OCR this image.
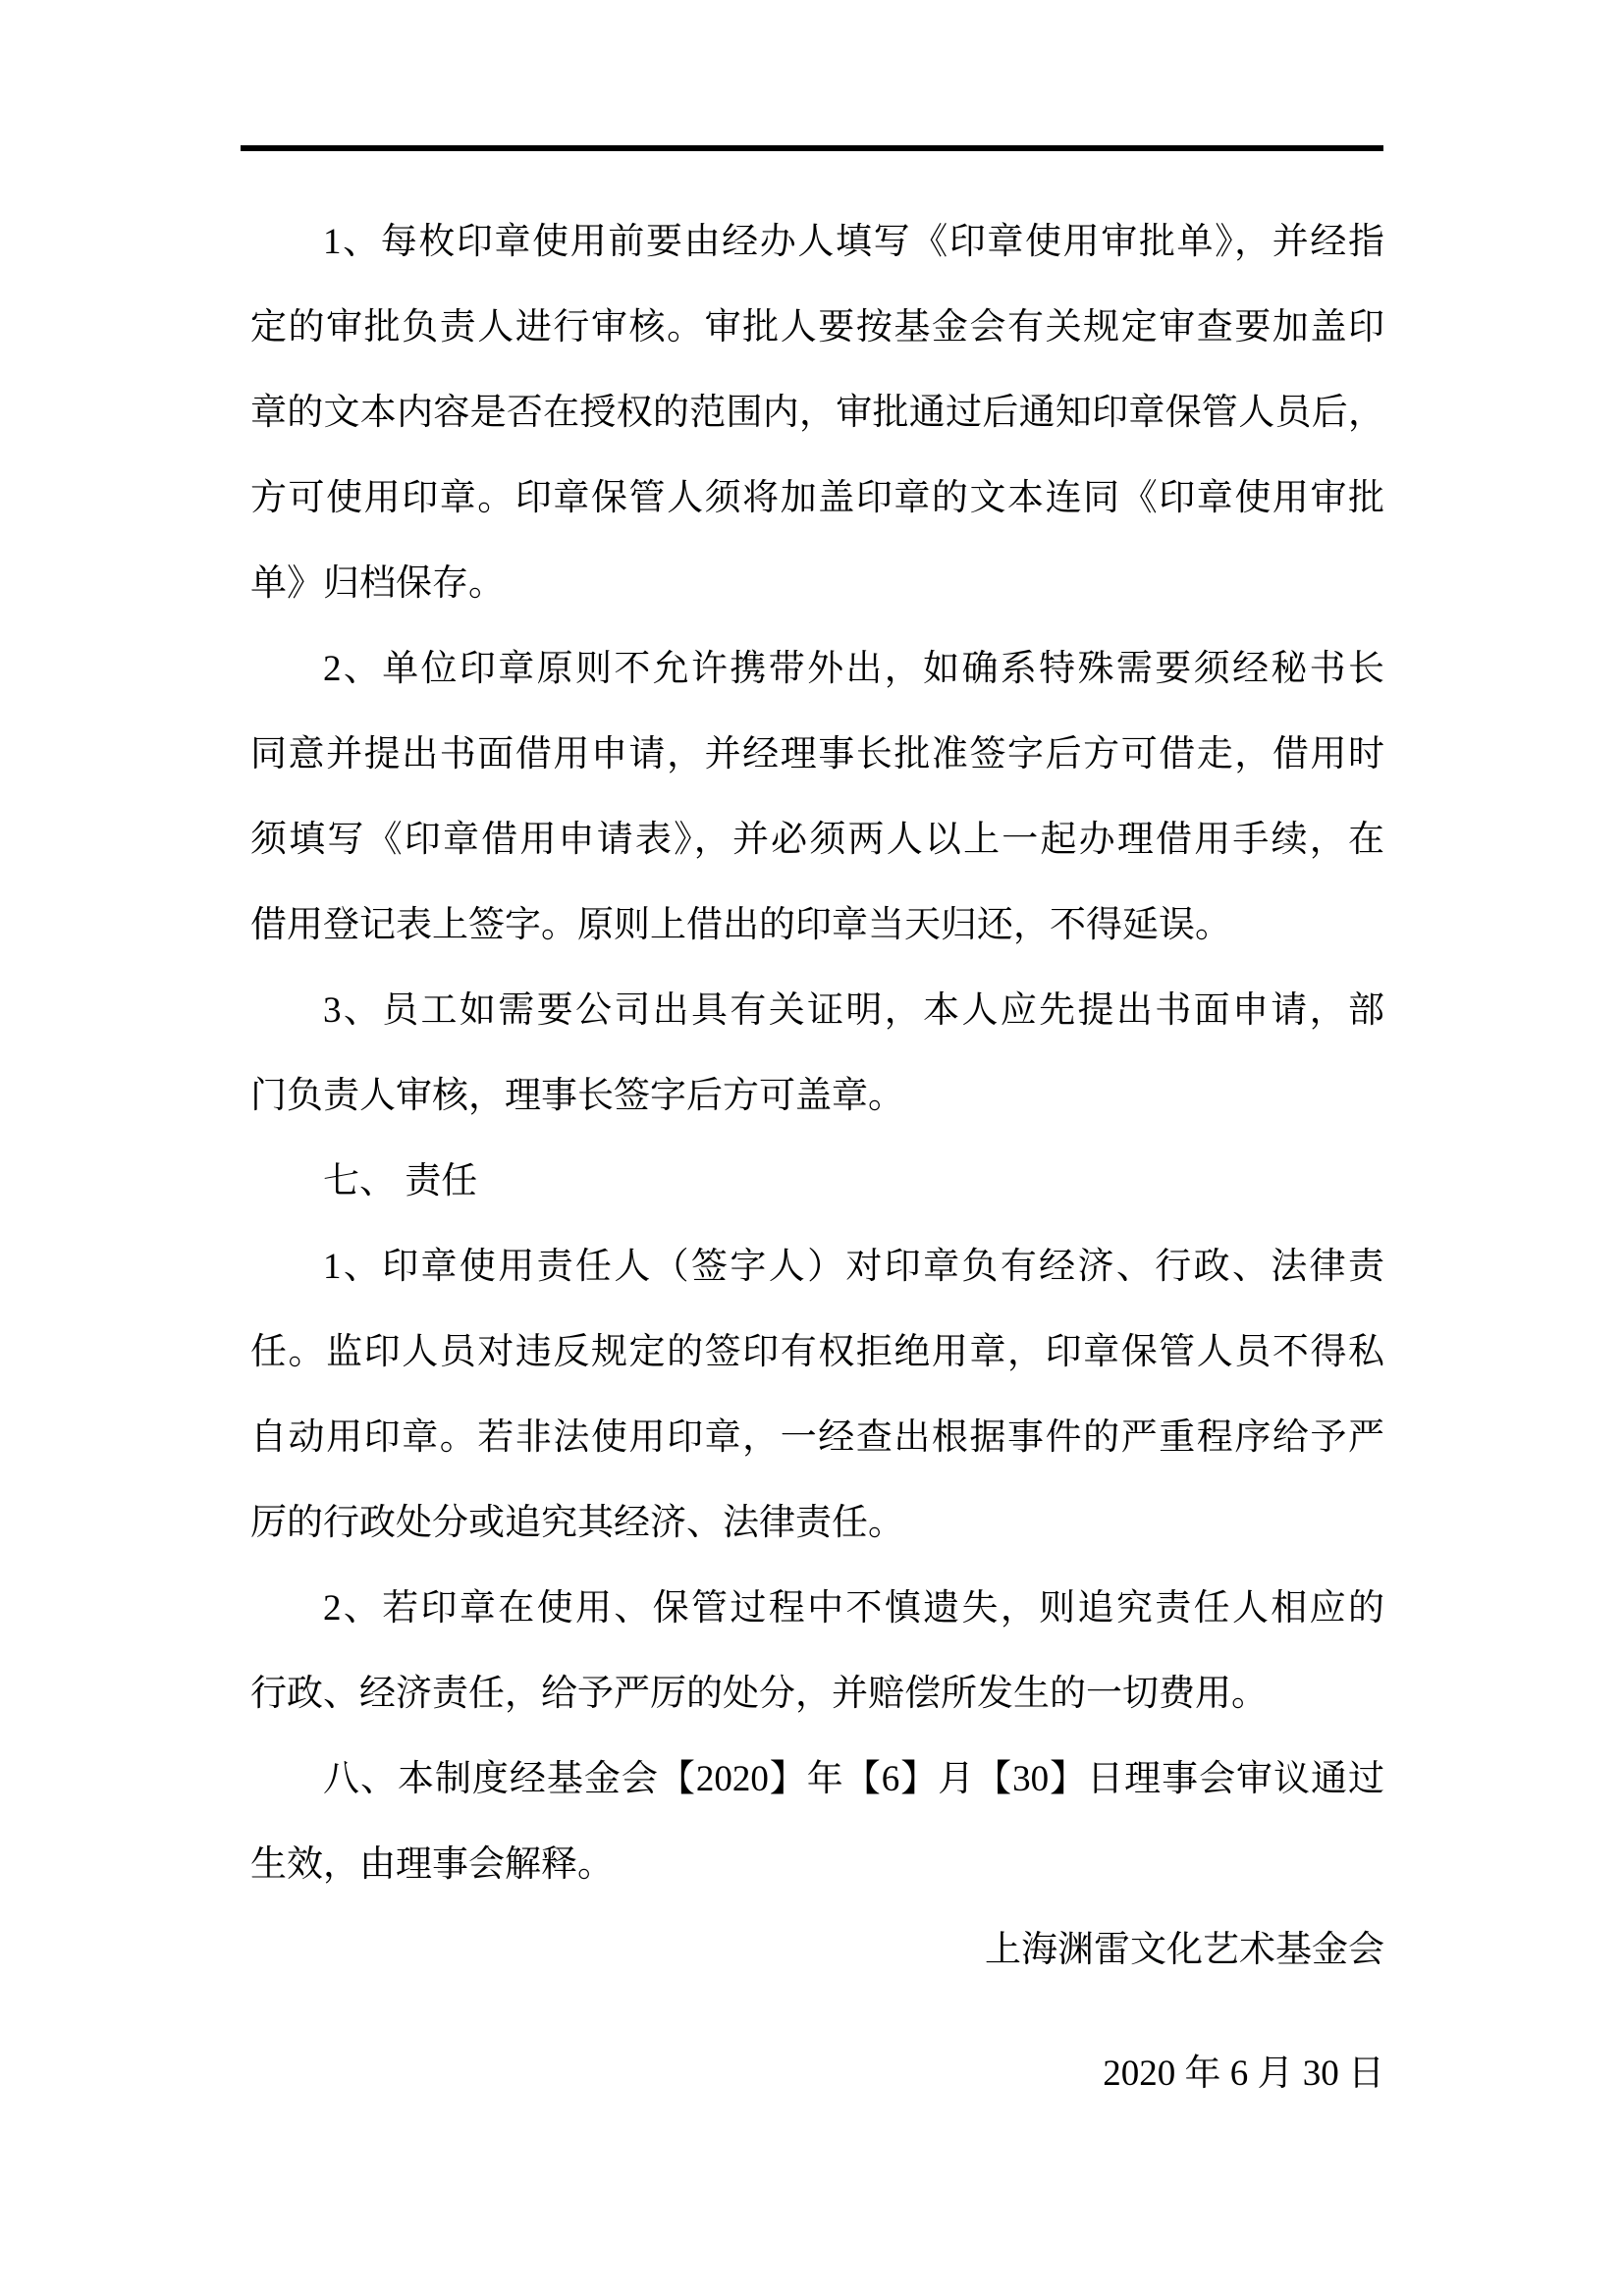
1、每枚印章使用前要由经办人填写《印章使用审批单》，并经指
定的审批负责人进行审核。审批人要按基金会有关规定审查要加盖印
章的文本内容是否在授权的范围内，审批通过后通知印章保管人员后，
方可使用印章。印章保管人须将加盖印章的文本连同《印章使用审批
单》归档保存。
2、单位印章原则不允许携带外出，如确系特殊需要须经秘书长
同意并提出书面借用申请，并经理事长批准签字后方可借走，借用时
须填写《印章借用申请表》，并必须两人以上一起办理借用手续，在
借用登记表上签字。原则上借出的印章当天归还，不得延误。
3、员工如需要公司出具有关证明，本人应先提出书面申请，部
门负责人审核，理事长签字后方可盖章。
七、 责任
1、印章使用责任人（签字人）对印章负有经济、行政、法律责
任。监印人员对违反规定的签印有权拒绝用章，印章保管人员不得私
自动用印章。若非法使用印章，一经查出根据事件的严重程序给予严
厉的行政处分或追究其经济、法律责任。
2、若印章在使用、保管过程中不慎遗失，则追究责任人相应的
行政、经济责任，给予严厉的处分，并赔偿所发生的一切费用。
八、本制度经基金会【2020】年【6】月【30】日理事会审议通过
生效，由理事会解释。
上海渊雷文化艺术基金会
2020 年 6 月 30 日
